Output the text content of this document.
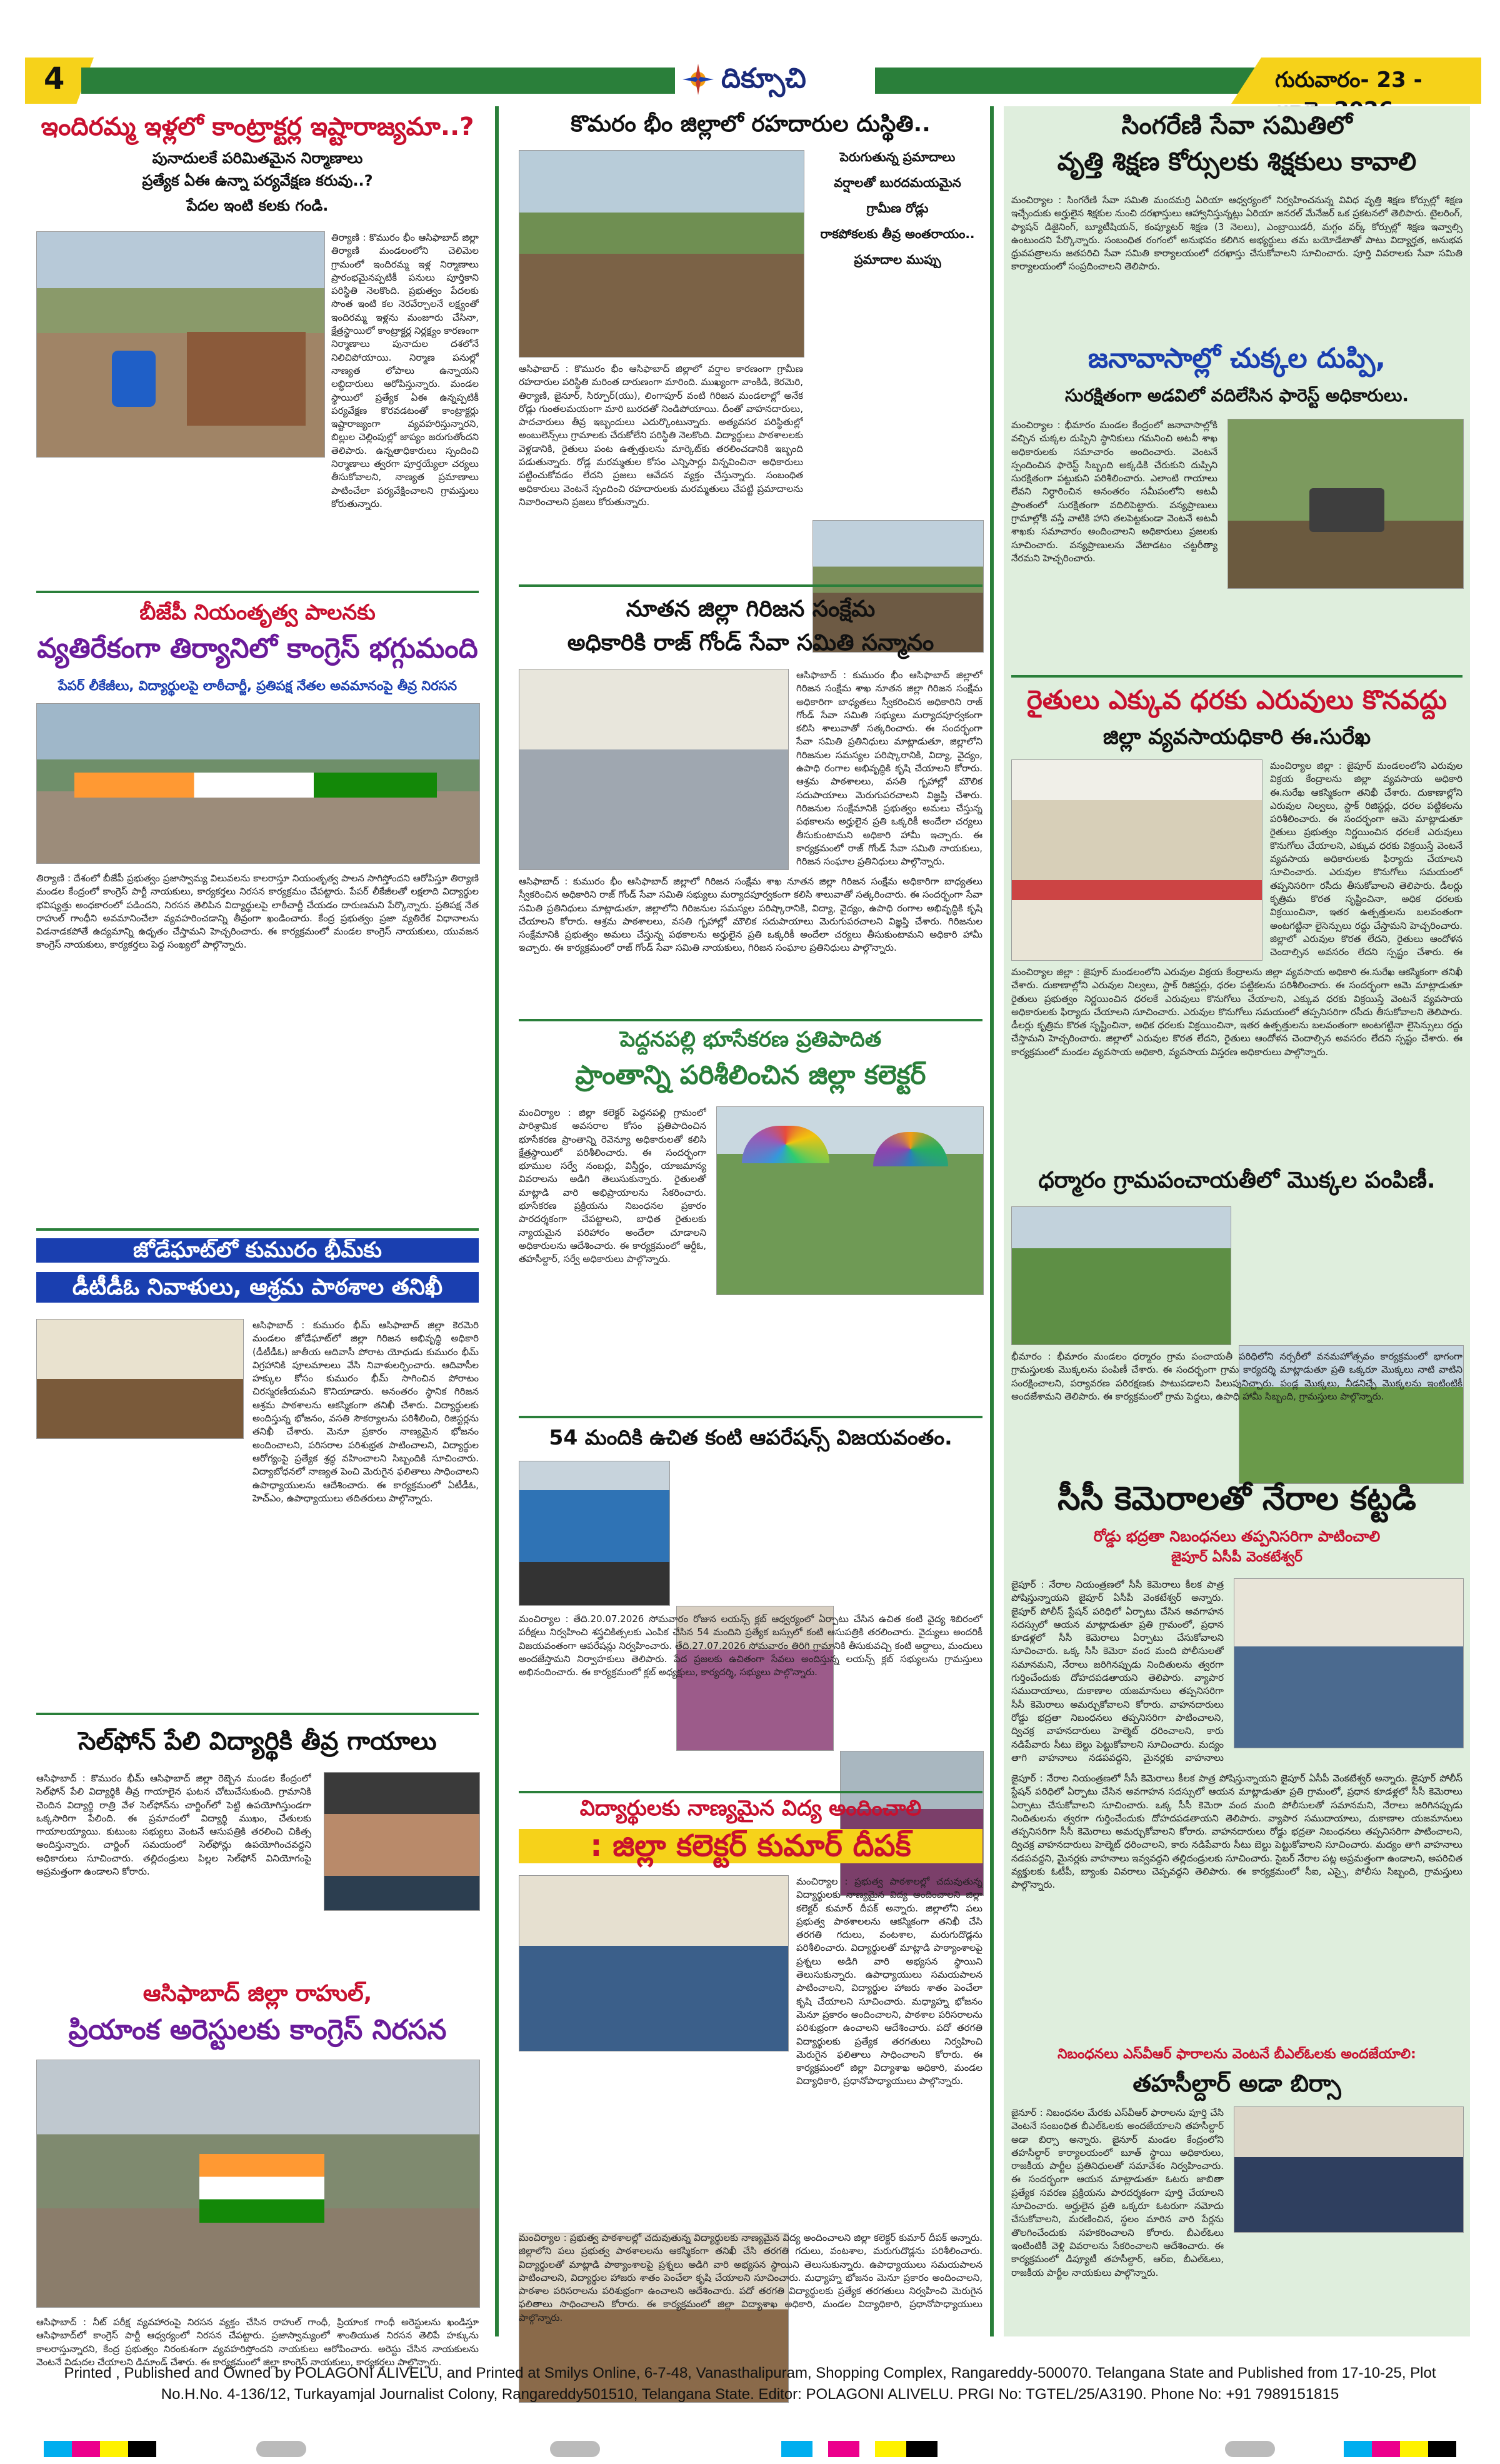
4	దిక్సూచి	గురువారం- 23 -
ఇందిరమ్మ ఇళ్లలో కాంట్రాక్టర్ల ఇష్టారాజ్యమా..?
పునాదులకే పరిమితమైన నిర్మాణాలు
ప్రత్యేక ఏఈ ఉన్నా పర్యవేక్షణ కరువు..?
పేదల ఇంటి కలకు గండి.
తిర్యాణి : కొమురం భీం ఆసిఫాబాద్ జిల్లా తిర్యాణి మండలంలోని చెలిమెల గ్రామంలో ఇందిరమ్మ ఇళ్ల నిర్మాణాలు ప్రారంభమైనప్పటికీ పనులు పూర్తికాని పరిస్థితి నెలకొంది. ప్రభుత్వం పేదలకు సొంత ఇంటి కల నెరవేర్చాలనే లక్ష్యంతో ఇందిరమ్మ ఇళ్లను మంజూరు చేసినా, క్షేత్రస్థాయిలో కాంట్రాక్టర్ల నిర్లక్ష్యం కారణంగా నిర్మాణాలు పునాదుల దశలోనే నిలిచిపోయాయి. నిర్మాణ పనుల్లో నాణ్యత లోపాలు ఉన్నాయని లబ్ధిదారులు ఆరోపిస్తున్నారు. మండల స్థాయిలో ప్రత్యేక ఏఈ ఉన్నప్పటికీ పర్యవేక్షణ కొరవడటంతో కాంట్రాక్టర్లు ఇష్టారాజ్యంగా వ్యవహరిస్తున్నారని, బిల్లుల చెల్లింపుల్లో జాప్యం జరుగుతోందని తెలిపారు. ఉన్నతాధికారులు స్పందించి నిర్మాణాలు త్వరగా పూర్తయ్యేలా చర్యలు తీసుకోవాలని, నాణ్యత ప్రమాణాలు పాటించేలా పర్యవేక్షించాలని గ్రామస్తులు కోరుతున్నారు.
బీజేపీ నియంతృత్వ పాలనకు
వ్యతిరేకంగా తిర్యానిలో కాంగ్రెస్ భగ్గుమంది
పేపర్ లీకేజీలు, విద్యార్థులపై లాఠీచార్జీ, ప్రతిపక్ష నేతల అవమానంపై తీవ్ర నిరసన
తిర్యాణి : దేశంలో బీజేపీ ప్రభుత్వం ప్రజాస్వామ్య విలువలను కాలరాస్తూ నియంతృత్వ పాలన సాగిస్తోందని ఆరోపిస్తూ తిర్యాణి మండల కేంద్రంలో కాంగ్రెస్ పార్టీ నాయకులు, కార్యకర్తలు నిరసన కార్యక్రమం చేపట్టారు. పేపర్ లీకేజీలతో లక్షలాది విద్యార్థుల భవిష్యత్తు అంధకారంలో పడిందని, నిరసన తెలిపిన విద్యార్థులపై లాఠీచార్జీ చేయడం దారుణమని పేర్కొన్నారు. ప్రతిపక్ష నేత రాహుల్ గాంధీని అవమానించేలా వ్యవహరించడాన్ని తీవ్రంగా ఖండించారు. కేంద్ర ప్రభుత్వం ప్రజా వ్యతిరేక విధానాలను విడనాడకపోతే ఉద్యమాన్ని ఉధృతం చేస్తామని హెచ్చరించారు. ఈ కార్యక్రమంలో మండల కాంగ్రెస్ నాయకులు, యువజన కాంగ్రెస్ నాయకులు, కార్యకర్తలు పెద్ద సంఖ్యలో పాల్గొన్నారు.
జోడేఘాట్‌లో కుమురం భీమ్‌కు
డీటీడీఓ నివాళులు, ఆశ్రమ పాఠశాల తనిఖీ
ఆసిఫాబాద్ : కుమురం భీమ్ ఆసిఫాబాద్ జిల్లా కెరమెరి మండలం జోడేఘాట్‌లో జిల్లా గిరిజన అభివృద్ధి అధికారి (డీటీడీఓ) జాతీయ ఆదివాసీ పోరాట యోధుడు కుమురం భీమ్ విగ్రహానికి పూలమాలలు వేసి నివాళులర్పించారు. ఆదివాసీల హక్కుల కోసం కుమురం భీమ్ సాగించిన పోరాటం చిరస్మరణీయమని కొనియాడారు. అనంతరం స్థానిక గిరిజన ఆశ్రమ పాఠశాలను ఆకస్మికంగా తనిఖీ చేశారు. విద్యార్థులకు అందిస్తున్న భోజనం, వసతి సౌకర్యాలను పరిశీలించి, రిజిస్టర్లను తనిఖీ చేశారు. మెనూ ప్రకారం నాణ్యమైన భోజనం అందించాలని, పరిసరాల పరిశుభ్రత పాటించాలని, విద్యార్థుల ఆరోగ్యంపై ప్రత్యేక శ్రద్ధ వహించాలని సిబ్బందికి సూచించారు. విద్యాబోధనలో నాణ్యత పెంచి మెరుగైన ఫలితాలు సాధించాలని ఉపాధ్యాయులను ఆదేశించారు. ఈ కార్యక్రమంలో ఏటీడీఓ, హెచ్ఎం, ఉపాధ్యాయులు తదితరులు పాల్గొన్నారు.
సెల్‌ఫోన్ పేలి విద్యార్థికి తీవ్ర గాయాలు
ఆసిఫాబాద్ : కొమురం భీమ్ ఆసిఫాబాద్ జిల్లా రెబ్బెన మండల కేంద్రంలో సెల్‌ఫోన్ పేలి విద్యార్థికి తీవ్ర గాయాలైన ఘటన చోటుచేసుకుంది. గ్రామానికి చెందిన విద్యార్థి రాత్రి వేళ సెల్‌ఫోన్‌ను చార్జింగ్‌లో పెట్టి ఉపయోగిస్తుండగా ఒక్కసారిగా పేలింది. ఈ ప్రమాదంలో విద్యార్థి ముఖం, చేతులకు గాయాలయ్యాయి. కుటుంబ సభ్యులు వెంటనే ఆసుపత్రికి తరలించి చికిత్స అందిస్తున్నారు. చార్జింగ్ సమయంలో సెల్‌ఫోన్లు ఉపయోగించవద్దని అధికారులు సూచించారు. తల్లిదండ్రులు పిల్లల సెల్‌ఫోన్ వినియోగంపై అప్రమత్తంగా ఉండాలని కోరారు.
ఆసిఫాబాద్ జిల్లా రాహుల్,
ప్రియాంక అరెస్టులకు కాంగ్రెస్ నిరసన
ఆసిఫాబాద్ : నీట్ పరీక్ష వ్యవహారంపై నిరసన వ్యక్తం చేసిన రాహుల్ గాంధీ, ప్రియాంక గాంధీ అరెస్టులను ఖండిస్తూ ఆసిఫాబాద్‌లో కాంగ్రెస్ పార్టీ ఆధ్వర్యంలో నిరసన చేపట్టారు. ప్రజాస్వామ్యంలో శాంతియుత నిరసన తెలిపే హక్కును కాలరాస్తున్నారని, కేంద్ర ప్రభుత్వం నిరంకుశంగా వ్యవహరిస్తోందని నాయకులు ఆరోపించారు. అరెస్టు చేసిన నాయకులను వెంటనే విడుదల చేయాలని డిమాండ్ చేశారు. ఈ కార్యక్రమంలో జిల్లా కాంగ్రెస్ నాయకులు, కార్యకర్తలు పాల్గొన్నారు.
కొమరం భీం జిల్లాలో రహదారుల దుస్థితి..
పెరుగుతున్న ప్రమాదాలు
వర్షాలతో బురదమయమైన
గ్రామీణ రోడ్లు
రాకపోకలకు తీవ్ర అంతరాయం..
ప్రమాదాల ముప్పు
ఆసిఫాబాద్ : కొమురం భీం ఆసిఫాబాద్ జిల్లాలో వర్షాల కారణంగా గ్రామీణ రహదారుల పరిస్థితి మరింత దారుణంగా మారింది. ముఖ్యంగా వాంకిడి, కెరమెరి, తిర్యాణి, జైనూర్, సిర్పూర్(యు), లింగాపూర్ వంటి గిరిజన మండలాల్లో అనేక రోడ్లు గుంతలమయంగా మారి బురదతో నిండిపోయాయి. దీంతో వాహనదారులు, పాదచారులు తీవ్ర ఇబ్బందులు ఎదుర్కొంటున్నారు. అత్యవసర పరిస్థితుల్లో అంబులెన్స్‌లు గ్రామాలకు చేరుకోలేని పరిస్థితి నెలకొంది. విద్యార్థులు పాఠశాలలకు వెళ్లడానికి, రైతులు పంట ఉత్పత్తులను మార్కెట్‌కు తరలించడానికి ఇబ్బంది పడుతున్నారు. రోడ్ల మరమ్మతుల కోసం ఎన్నిసార్లు విన్నవించినా అధికారులు పట్టించుకోవడం లేదని ప్రజలు ఆవేదన వ్యక్తం చేస్తున్నారు. సంబంధిత అధికారులు వెంటనే స్పందించి రహదారులకు మరమ్మతులు చేపట్టి ప్రమాదాలను నివారించాలని ప్రజలు కోరుతున్నారు.
నూతన జిల్లా గిరిజన సంక్షేమ
అధికారికి రాజ్ గోండ్ సేవా సమితి సన్మానం
ఆసిఫాబాద్ : కుమురం భీం ఆసిఫాబాద్ జిల్లాలో గిరిజన సంక్షేమ శాఖ నూతన జిల్లా గిరిజన సంక్షేమ అధికారిగా బాధ్యతలు స్వీకరించిన అధికారిని రాజ్ గోండ్ సేవా సమితి సభ్యులు మర్యాదపూర్వకంగా కలిసి శాలువాతో సత్కరించారు. ఈ సందర్భంగా సేవా సమితి ప్రతినిధులు మాట్లాడుతూ, జిల్లాలోని గిరిజనుల సమస్యల పరిష్కారానికి, విద్యా, వైద్యం, ఉపాధి రంగాల అభివృద్ధికి కృషి చేయాలని కోరారు. ఆశ్రమ పాఠశాలలు, వసతి గృహాల్లో మౌలిక సదుపాయాలు మెరుగుపరచాలని విజ్ఞప్తి చేశారు. గిరిజనుల సంక్షేమానికి ప్రభుత్వం అమలు చేస్తున్న పథకాలను అర్హులైన ప్రతి ఒక్కరికీ అందేలా చర్యలు తీసుకుంటామని అధికారి హామీ ఇచ్చారు. ఈ కార్యక్రమంలో రాజ్ గోండ్ సేవా సమితి నాయకులు, గిరిజన సంఘాల ప్రతినిధులు పాల్గొన్నారు.
ఆసిఫాబాద్ : కుమురం భీం ఆసిఫాబాద్ జిల్లాలో గిరిజన సంక్షేమ శాఖ నూతన జిల్లా గిరిజన సంక్షేమ అధికారిగా బాధ్యతలు స్వీకరించిన అధికారిని రాజ్ గోండ్ సేవా సమితి సభ్యులు మర్యాదపూర్వకంగా కలిసి శాలువాతో సత్కరించారు. ఈ సందర్భంగా సేవా సమితి ప్రతినిధులు మాట్లాడుతూ, జిల్లాలోని గిరిజనుల సమస్యల పరిష్కారానికి, విద్యా, వైద్యం, ఉపాధి రంగాల అభివృద్ధికి కృషి చేయాలని కోరారు. ఆశ్రమ పాఠశాలలు, వసతి గృహాల్లో మౌలిక సదుపాయాలు మెరుగుపరచాలని విజ్ఞప్తి చేశారు. గిరిజనుల సంక్షేమానికి ప్రభుత్వం అమలు చేస్తున్న పథకాలను అర్హులైన ప్రతి ఒక్కరికీ అందేలా చర్యలు తీసుకుంటామని అధికారి హామీ ఇచ్చారు. ఈ కార్యక్రమంలో రాజ్ గోండ్ సేవా సమితి నాయకులు, గిరిజన సంఘాల ప్రతినిధులు పాల్గొన్నారు.
పెద్దనపల్లి భూసేకరణ ప్రతిపాదిత
ప్రాంతాన్ని పరిశీలించిన జిల్లా కలెక్టర్
మంచిర్యాల : జిల్లా కలెక్టర్ పెద్దనపల్లి గ్రామంలో పారిశ్రామిక అవసరాల కోసం ప్రతిపాదించిన భూసేకరణ ప్రాంతాన్ని రెవెన్యూ అధికారులతో కలిసి క్షేత్రస్థాయిలో పరిశీలించారు. ఈ సందర్భంగా భూముల సర్వే నంబర్లు, విస్తీర్ణం, యాజమాన్య వివరాలను అడిగి తెలుసుకున్నారు. రైతులతో మాట్లాడి వారి అభిప్రాయాలను సేకరించారు. భూసేకరణ ప్రక్రియను నిబంధనల ప్రకారం పారదర్శకంగా చేపట్టాలని, బాధిత రైతులకు న్యాయమైన పరిహారం అందేలా చూడాలని అధికారులను ఆదేశించారు. ఈ కార్యక్రమంలో ఆర్డీఓ, తహసీల్దార్, సర్వే అధికారులు పాల్గొన్నారు.
54 మందికి ఉచిత కంటి ఆపరేషన్స్ విజయవంతం.
మంచిర్యాల : తేది.20.07.2026 సోమవారం రోజున లయన్స్ క్లబ్ ఆధ్వర్యంలో ఏర్పాటు చేసిన ఉచిత కంటి వైద్య శిబిరంలో పరీక్షలు నిర్వహించి శస్త్రచికిత్సలకు ఎంపిక చేసిన 54 మందిని ప్రత్యేక బస్సులో కంటి ఆసుపత్రికి తరలించారు. వైద్యులు అందరికీ విజయవంతంగా ఆపరేషన్లు నిర్వహించారు. తేది.27.07.2026 సోమవారం తిరిగి గ్రామానికి తీసుకువచ్చి కంటి అద్దాలు, మందులు అందజేస్తామని నిర్వాహకులు తెలిపారు. పేద ప్రజలకు ఉచితంగా సేవలు అందిస్తున్న లయన్స్ క్లబ్ సభ్యులను గ్రామస్తులు అభినందించారు. ఈ కార్యక్రమంలో క్లబ్ అధ్యక్షులు, కార్యదర్శి, సభ్యులు పాల్గొన్నారు.
విద్యార్థులకు నాణ్యమైన విద్య అందించాలి
: జిల్లా కలెక్టర్ కుమార్ దీపక్
మంచిర్యాల : ప్రభుత్వ పాఠశాలల్లో చదువుతున్న విద్యార్థులకు నాణ్యమైన విద్య అందించాలని జిల్లా కలెక్టర్ కుమార్ దీపక్ అన్నారు. జిల్లాలోని పలు ప్రభుత్వ పాఠశాలలను ఆకస్మికంగా తనిఖీ చేసి తరగతి గదులు, వంటశాల, మరుగుదొడ్లను పరిశీలించారు. విద్యార్థులతో మాట్లాడి పాఠ్యాంశాలపై ప్రశ్నలు అడిగి వారి అభ్యసన స్థాయిని తెలుసుకున్నారు. ఉపాధ్యాయులు సమయపాలన పాటించాలని, విద్యార్థుల హాజరు శాతం పెంచేలా కృషి చేయాలని సూచించారు. మధ్యాహ్న భోజనం మెనూ ప్రకారం అందించాలని, పాఠశాల పరిసరాలను పరిశుభ్రంగా ఉంచాలని ఆదేశించారు. పదో తరగతి విద్యార్థులకు ప్రత్యేక తరగతులు నిర్వహించి మెరుగైన ఫలితాలు సాధించాలని కోరారు. ఈ కార్యక్రమంలో జిల్లా విద్యాశాఖ అధికారి, మండల విద్యాధికారి, ప్రధానోపాధ్యాయులు పాల్గొన్నారు.
మంచిర్యాల : ప్రభుత్వ పాఠశాలల్లో చదువుతున్న విద్యార్థులకు నాణ్యమైన విద్య అందించాలని జిల్లా కలెక్టర్ కుమార్ దీపక్ అన్నారు. జిల్లాలోని పలు ప్రభుత్వ పాఠశాలలను ఆకస్మికంగా తనిఖీ చేసి తరగతి గదులు, వంటశాల, మరుగుదొడ్లను పరిశీలించారు. విద్యార్థులతో మాట్లాడి పాఠ్యాంశాలపై ప్రశ్నలు అడిగి వారి అభ్యసన స్థాయిని తెలుసుకున్నారు. ఉపాధ్యాయులు సమయపాలన పాటించాలని, విద్యార్థుల హాజరు శాతం పెంచేలా కృషి చేయాలని సూచించారు. మధ్యాహ్న భోజనం మెనూ ప్రకారం అందించాలని, పాఠశాల పరిసరాలను పరిశుభ్రంగా ఉంచాలని ఆదేశించారు. పదో తరగతి విద్యార్థులకు ప్రత్యేక తరగతులు నిర్వహించి మెరుగైన ఫలితాలు సాధించాలని కోరారు. ఈ కార్యక్రమంలో జిల్లా విద్యాశాఖ అధికారి, మండల విద్యాధికారి, ప్రధానోపాధ్యాయులు పాల్గొన్నారు.
సింగరేణి సేవా సమితిలో
వృత్తి శిక్షణ కోర్సులకు శిక్షకులు కావాలి
మంచిర్యాల : సింగరేణి సేవా సమితి మందమర్రి ఏరియా ఆధ్వర్యంలో నిర్వహించనున్న వివిధ వృత్తి శిక్షణ కోర్సుల్లో శిక్షణ ఇచ్చేందుకు అర్హులైన శిక్షకుల నుంచి దరఖాస్తులు ఆహ్వానిస్తున్నట్లు ఏరియా జనరల్ మేనేజర్ ఒక ప్రకటనలో తెలిపారు. టైలరింగ్, ఫ్యాషన్ డిజైనింగ్, బ్యూటీషియన్, కంప్యూటర్ శిక్షణ (3 నెలలు), ఎంబ్రాయిడరీ, మగ్గం వర్క్ కోర్సుల్లో శిక్షణ ఇవ్వాల్సి ఉంటుందని పేర్కొన్నారు. సంబంధిత రంగంలో అనుభవం కలిగిన అభ్యర్థులు తమ బయోడేటాతో పాటు విద్యార్హత, అనుభవ ధ్రువపత్రాలను జతపరిచి సేవా సమితి కార్యాలయంలో దరఖాస్తు చేసుకోవాలని సూచించారు. పూర్తి వివరాలకు సేవా సమితి కార్యాలయంలో సంప్రదించాలని తెలిపారు.
జనావాసాల్లో చుక్కల దుప్పి,
సురక్షితంగా అడవిలో వదిలేసిన ఫారెస్ట్ అధికారులు.
మంచిర్యాల : భీమారం మండల కేంద్రంలో జనావాసాల్లోకి వచ్చిన చుక్కల దుప్పిని స్థానికులు గమనించి అటవీ శాఖ అధికారులకు సమాచారం అందించారు. వెంటనే స్పందించిన ఫారెస్ట్ సిబ్బంది అక్కడికి చేరుకుని దుప్పిని సురక్షితంగా పట్టుకుని పరిశీలించారు. ఎలాంటి గాయాలు లేవని నిర్ధారించిన అనంతరం సమీపంలోని అటవీ ప్రాంతంలో సురక్షితంగా వదిలిపెట్టారు. వన్యప్రాణులు గ్రామాల్లోకి వస్తే వాటికి హాని తలపెట్టకుండా వెంటనే అటవీ శాఖకు సమాచారం అందించాలని అధికారులు ప్రజలకు సూచించారు. వన్యప్రాణులను వేటాడటం చట్టరీత్యా నేరమని హెచ్చరించారు.
రైతులు ఎక్కువ ధరకు ఎరువులు కొనవద్దు
జిల్లా వ్యవసాయధికారి ఈ.సురేఖ
మంచిర్యాల జిల్లా : జైపూర్ మండలంలోని ఎరువుల విక్రయ కేంద్రాలను జిల్లా వ్యవసాయ అధికారి ఈ.సురేఖ ఆకస్మికంగా తనిఖీ చేశారు. దుకాణాల్లోని ఎరువుల నిల్వలు, స్టాక్ రిజిస్టర్లు, ధరల పట్టికలను పరిశీలించారు. ఈ సందర్భంగా ఆమె మాట్లాడుతూ రైతులు ప్రభుత్వం నిర్ణయించిన ధరలకే ఎరువులు కొనుగోలు చేయాలని, ఎక్కువ ధరకు విక్రయిస్తే వెంటనే వ్యవసాయ అధికారులకు ఫిర్యాదు చేయాలని సూచించారు. ఎరువుల కొనుగోలు సమయంలో తప్పనిసరిగా రసీదు తీసుకోవాలని తెలిపారు. డీలర్లు కృత్రిమ కొరత సృష్టించినా, అధిక ధరలకు విక్రయించినా, ఇతర ఉత్పత్తులను బలవంతంగా అంటగట్టినా లైసెన్సులు రద్దు చేస్తామని హెచ్చరించారు. జిల్లాలో ఎరువుల కొరత లేదని, రైతులు ఆందోళన చెందాల్సిన అవసరం లేదని స్పష్టం చేశారు. ఈ
మంచిర్యాల జిల్లా : జైపూర్ మండలంలోని ఎరువుల విక్రయ కేంద్రాలను జిల్లా వ్యవసాయ అధికారి ఈ.సురేఖ ఆకస్మికంగా తనిఖీ చేశారు. దుకాణాల్లోని ఎరువుల నిల్వలు, స్టాక్ రిజిస్టర్లు, ధరల పట్టికలను పరిశీలించారు. ఈ సందర్భంగా ఆమె మాట్లాడుతూ రైతులు ప్రభుత్వం నిర్ణయించిన ధరలకే ఎరువులు కొనుగోలు చేయాలని, ఎక్కువ ధరకు విక్రయిస్తే వెంటనే వ్యవసాయ అధికారులకు ఫిర్యాదు చేయాలని సూచించారు. ఎరువుల కొనుగోలు సమయంలో తప్పనిసరిగా రసీదు తీసుకోవాలని తెలిపారు. డీలర్లు కృత్రిమ కొరత సృష్టించినా, అధిక ధరలకు విక్రయించినా, ఇతర ఉత్పత్తులను బలవంతంగా అంటగట్టినా లైసెన్సులు రద్దు చేస్తామని హెచ్చరించారు. జిల్లాలో ఎరువుల కొరత లేదని, రైతులు ఆందోళన చెందాల్సిన అవసరం లేదని స్పష్టం చేశారు. ఈ కార్యక్రమంలో మండల వ్యవసాయ అధికారి, వ్యవసాయ విస్తరణ అధికారులు పాల్గొన్నారు.
ధర్మారం గ్రామపంచాయతీలో మొక్కల పంపిణీ.
భీమారం : భీమారం మండలం ధర్మారం గ్రామ పంచాయతీ పరిధిలోని నర్సరీలో వనమహోత్సవం కార్యక్రమంలో భాగంగా గ్రామస్తులకు మొక్కలను పంపిణీ చేశారు. ఈ సందర్భంగా గ్రామ కార్యదర్శి మాట్లాడుతూ ప్రతి ఒక్కరూ మొక్కలు నాటి వాటిని సంరక్షించాలని, పర్యావరణ పరిరక్షణకు పాటుపడాలని పిలుపునిచ్చారు. పండ్ల మొక్కలు, నీడనిచ్చే మొక్కలను ఇంటింటికీ అందజేశామని తెలిపారు. ఈ కార్యక్రమంలో గ్రామ పెద్దలు, ఉపాధి హామీ సిబ్బంది, గ్రామస్తులు పాల్గొన్నారు.
సీసీ కెమెరాలతో నేరాల కట్టడి
రోడ్డు భద్రతా నిబంధనలు తప్పనిసరిగా పాటించాలి
జైపూర్ ఏసీపీ వెంకటేశ్వర్
జైపూర్ : నేరాల నియంత్రణలో సీసీ కెమెరాలు కీలక పాత్ర పోషిస్తున్నాయని జైపూర్ ఏసీపీ వెంకటేశ్వర్ అన్నారు. జైపూర్ పోలీస్ స్టేషన్ పరిధిలో ఏర్పాటు చేసిన అవగాహన సదస్సులో ఆయన మాట్లాడుతూ ప్రతి గ్రామంలో, ప్రధాన కూడళ్లలో సీసీ కెమెరాలు ఏర్పాటు చేసుకోవాలని సూచించారు. ఒక్క సీసీ కెమెరా వంద మంది పోలీసులతో సమానమని, నేరాలు జరిగినప్పుడు నిందితులను త్వరగా గుర్తించేందుకు దోహదపడతాయని తెలిపారు. వ్యాపార సముదాయాలు, దుకాణాల యజమానులు తప్పనిసరిగా సీసీ కెమెరాలు అమర్చుకోవాలని కోరారు. వాహనదారులు రోడ్డు భద్రతా నిబంధనలు తప్పనిసరిగా పాటించాలని, ద్విచక్ర వాహనదారులు హెల్మెట్ ధరించాలని, కారు నడిపేవారు సీటు బెల్టు పెట్టుకోవాలని సూచించారు. మద్యం తాగి వాహనాలు నడపవద్దని, మైనర్లకు వాహనాలు
జైపూర్ : నేరాల నియంత్రణలో సీసీ కెమెరాలు కీలక పాత్ర పోషిస్తున్నాయని జైపూర్ ఏసీపీ వెంకటేశ్వర్ అన్నారు. జైపూర్ పోలీస్ స్టేషన్ పరిధిలో ఏర్పాటు చేసిన అవగాహన సదస్సులో ఆయన మాట్లాడుతూ ప్రతి గ్రామంలో, ప్రధాన కూడళ్లలో సీసీ కెమెరాలు ఏర్పాటు చేసుకోవాలని సూచించారు. ఒక్క సీసీ కెమెరా వంద మంది పోలీసులతో సమానమని, నేరాలు జరిగినప్పుడు నిందితులను త్వరగా గుర్తించేందుకు దోహదపడతాయని తెలిపారు. వ్యాపార సముదాయాలు, దుకాణాల యజమానులు తప్పనిసరిగా సీసీ కెమెరాలు అమర్చుకోవాలని కోరారు. వాహనదారులు రోడ్డు భద్రతా నిబంధనలు తప్పనిసరిగా పాటించాలని, ద్విచక్ర వాహనదారులు హెల్మెట్ ధరించాలని, కారు నడిపేవారు సీటు బెల్టు పెట్టుకోవాలని సూచించారు. మద్యం తాగి వాహనాలు నడపవద్దని, మైనర్లకు వాహనాలు ఇవ్వవద్దని తల్లిదండ్రులకు సూచించారు. సైబర్ నేరాల పట్ల అప్రమత్తంగా ఉండాలని, అపరిచిత వ్యక్తులకు ఓటీపీ, బ్యాంకు వివరాలు చెప్పవద్దని తెలిపారు. ఈ కార్యక్రమంలో సీఐ, ఎస్సై, పోలీసు సిబ్బంది, గ్రామస్తులు పాల్గొన్నారు.
నిబంధనలు ఎస్‌వీఆర్ ఫారాలను వెంటనే బీఎల్‌ఓలకు అందజేయాలి:
తహసీల్దార్ అడా బిర్సా
జైనూర్ : నిబంధనల మేరకు ఎస్‌వీఆర్ ఫారాలను పూర్తి చేసి వెంటనే సంబంధిత బీఎల్‌ఓలకు అందజేయాలని తహసీల్దార్ అడా బిర్సా అన్నారు. జైనూర్ మండల కేంద్రంలోని తహసీల్దార్ కార్యాలయంలో బూత్ స్థాయి అధికారులు, రాజకీయ పార్టీల ప్రతినిధులతో సమావేశం నిర్వహించారు. ఈ సందర్భంగా ఆయన మాట్లాడుతూ ఓటరు జాబితా ప్రత్యేక సవరణ ప్రక్రియను పారదర్శకంగా పూర్తి చేయాలని సూచించారు. అర్హులైన ప్రతి ఒక్కరూ ఓటరుగా నమోదు చేసుకోవాలని, మరణించిన, స్థలం మారిన వారి పేర్లను తొలగించేందుకు సహకరించాలని కోరారు. బీఎల్‌ఓలు ఇంటింటికీ వెళ్లి వివరాలను సేకరించాలని ఆదేశించారు. ఈ కార్యక్రమంలో డిప్యూటీ తహసీల్దార్, ఆర్ఐ, బీఎల్‌ఓలు, రాజకీయ పార్టీల నాయకులు పాల్గొన్నారు.
Printed , Published and Owned by POLAGONI ALIVELU, and Printed at Smilys Online, 6-7-48, Vanasthalipuram, Shopping Complex, Rangareddy-500070. Telangana State and Published from 17-10-25, Plot
No.H.No. 4-136/12, Turkayamjal Journalist Colony, Rangareddy501510, Telangana State. Editor: POLAGONI ALIVELU. PRGI No: TGTEL/25/A3190. Phone No: +91 7989151815
